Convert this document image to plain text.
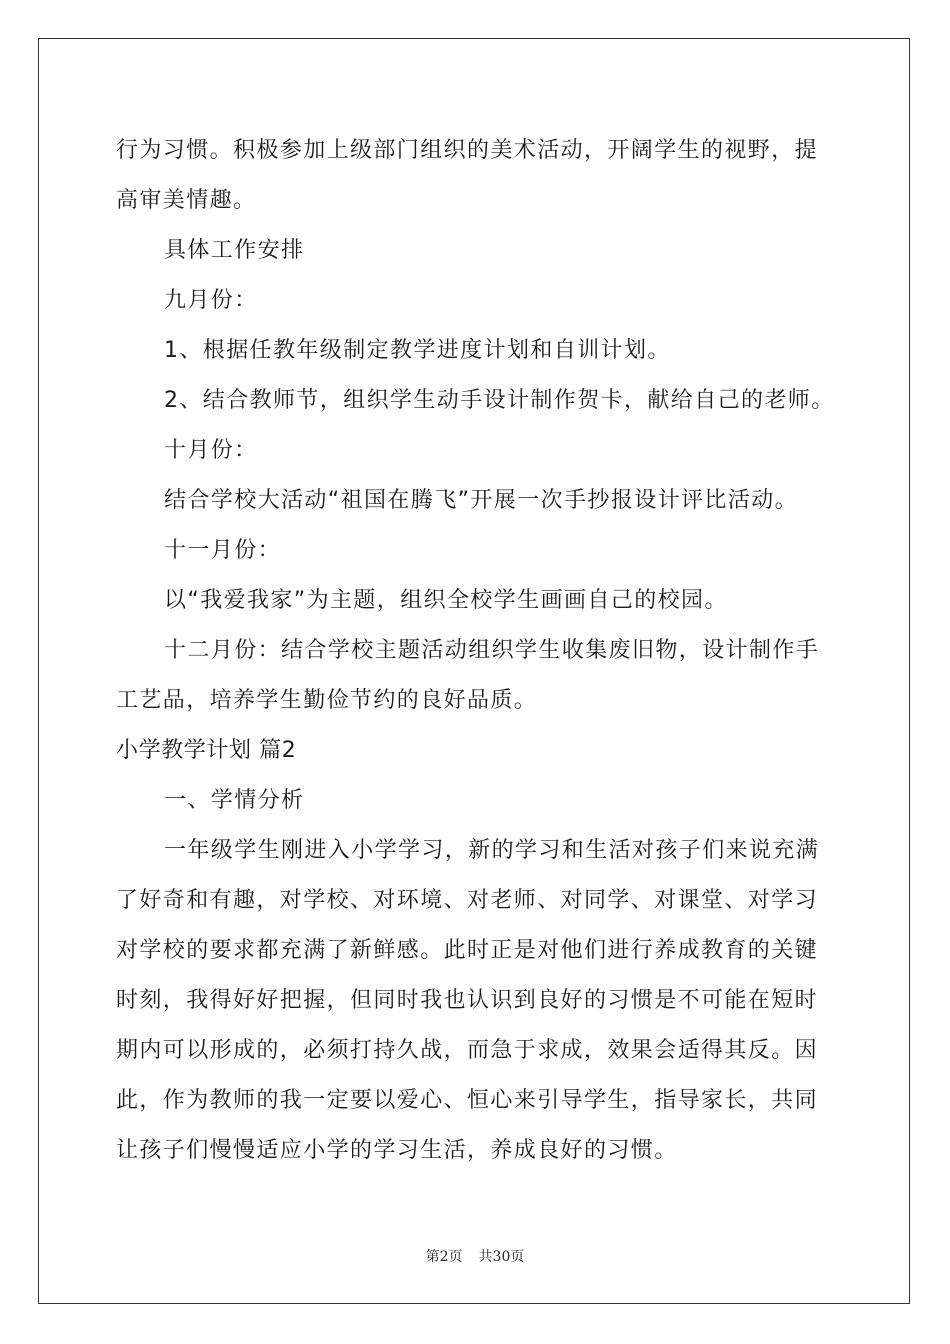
行为习惯。积极参加上级部门组织的美术活动，开阔学生的视野，提
高审美情趣。
具体工作安排
九月份：
1、根据任教年级制定教学进度计划和自训计划。
2、结合教师节，组织学生动手设计制作贺卡，献给自己的老师。
十月份：
结合学校大活动“祖国在腾飞”开展一次手抄报设计评比活动。
十一月份：
以“我爱我家”为主题，组织全校学生画画自己的校园。
十二月份：结合学校主题活动组织学生收集废旧物，设计制作手
工艺品，培养学生勤俭节约的良好品质。
小学教学计划 篇2
一、学情分析
一年级学生刚进入小学学习，新的学习和生活对孩子们来说充满
了好奇和有趣，对学校、对环境、对老师、对同学、对课堂、对学习
对学校的要求都充满了新鲜感。此时正是对他们进行养成教育的关键
时刻，我得好好把握，但同时我也认识到良好的习惯是不可能在短时
期内可以形成的，必须打持久战，而急于求成，效果会适得其反。因
此，作为教师的我一定要以爱心、恒心来引导学生，指导家长，共同
让孩子们慢慢适应小学的学习生活，养成良好的习惯。
第2页 共30页
